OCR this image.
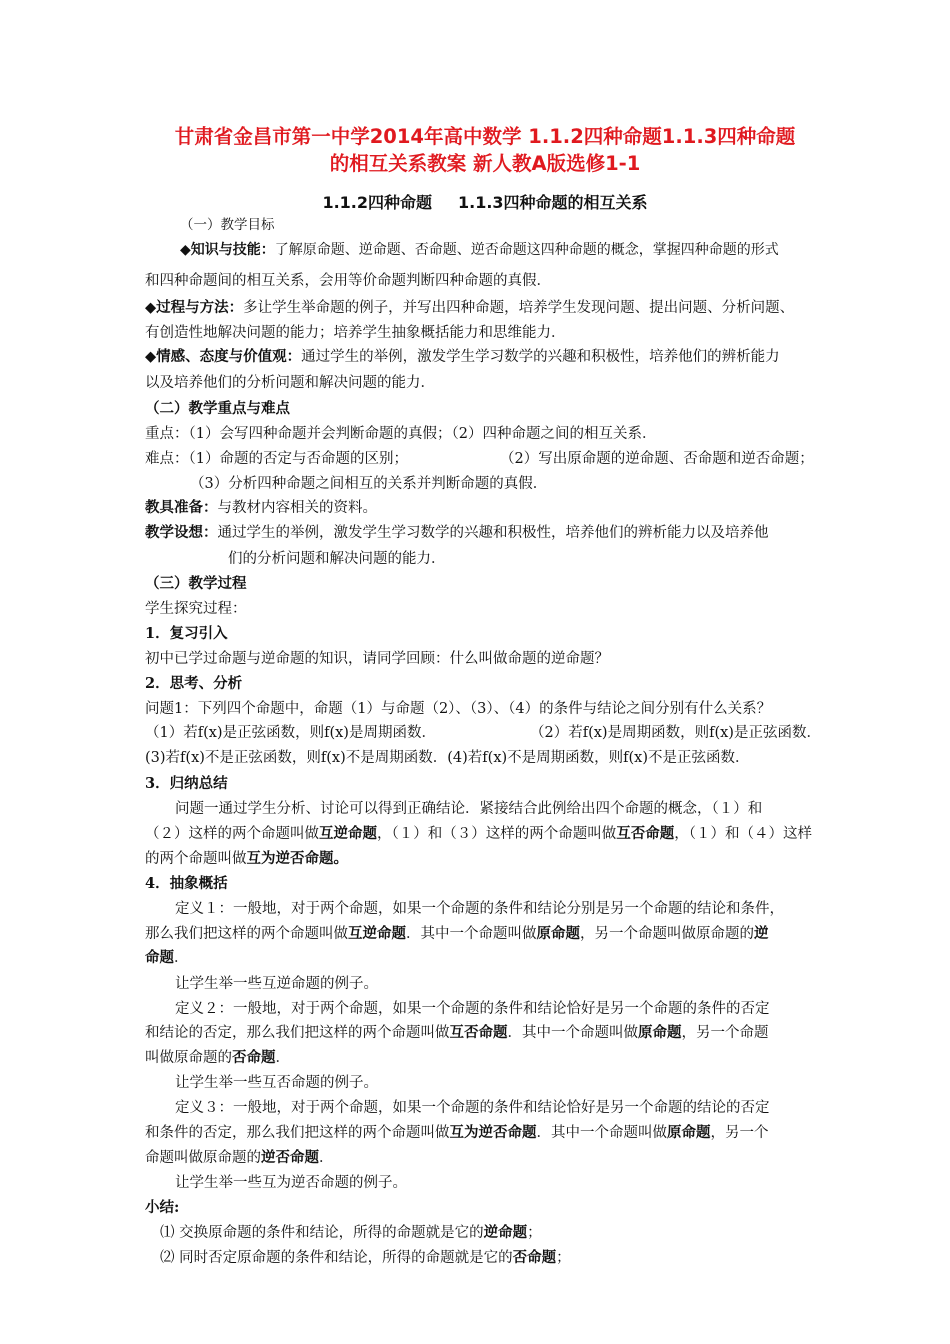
甘肃省金昌市第一中学2014年高中数学 1.1.2四种命题1.1.3四种命题

的相互关系教案 新人教A版选修1-1

1.1.2四种命题 1.1.3四种命题的相互关系

（一）教学目标

◆知识与技能：了解原命题、逆命题、否命题、逆否命题这四种命题的概念，掌握四种命题的形式

和四种命题间的相互关系，会用等价命题判断四种命题的真假．

◆过程与方法：多让学生举命题的例子，并写出四种命题，培养学生发现问题、提出问题、分析问题、

有创造性地解决问题的能力；培养学生抽象概括能力和思维能力．

◆情感、态度与价值观：通过学生的举例，激发学生学习数学的兴趣和积极性，培养他们的辨析能力

以及培养他们的分析问题和解决问题的能力．

（二）教学重点与难点

重点：（1）会写四种命题并会判断命题的真假；（2）四种命题之间的相互关系．

难点：（1）命题的否定与否命题的区别；	（2）写出原命题的逆命题、否命题和逆否命题；

（3）分析四种命题之间相互的关系并判断命题的真假．

教具准备：与教材内容相关的资料。

教学设想：通过学生的举例，激发学生学习数学的兴趣和积极性，培养他们的辨析能力以及培养他

们的分析问题和解决问题的能力．

（三）教学过程

学生探究过程：

1．复习引入

初中已学过命题与逆命题的知识，请同学回顾：什么叫做命题的逆命题？

2．思考、分析

问题1：下列四个命题中，命题（1）与命题（2）、（3）、（4）的条件与结论之间分别有什么关系？

（1）若f(x)是正弦函数，则f(x)是周期函数．	（2）若f(x)是周期函数，则f(x)是正弦函数．

(3)若f(x)不是正弦函数，则f(x)不是周期函数．(4)若f(x)不是周期函数，则f(x)不是正弦函数．

3．归纳总结

问题一通过学生分析、讨论可以得到正确结论．紧接结合此例给出四个命题的概念，（１）和

（２）这样的两个命题叫做互逆命题，（１）和（３）这样的两个命题叫做互否命题，（１）和（４）这样

的两个命题叫做互为逆否命题。

4．抽象概括

定义１：一般地，对于两个命题，如果一个命题的条件和结论分别是另一个命题的结论和条件，

那么我们把这样的两个命题叫做互逆命题．其中一个命题叫做原命题，另一个命题叫做原命题的逆

命题．

让学生举一些互逆命题的例子。

定义２：一般地，对于两个命题，如果一个命题的条件和结论恰好是另一个命题的条件的否定

和结论的否定，那么我们把这样的两个命题叫做互否命题．其中一个命题叫做原命题，另一个命题

叫做原命题的否命题．

让学生举一些互否命题的例子。

定义３：一般地，对于两个命题，如果一个命题的条件和结论恰好是另一个命题的结论的否定

和条件的否定，那么我们把这样的两个命题叫做互为逆否命题．其中一个命题叫做原命题，另一个

命题叫做原命题的逆否命题．

让学生举一些互为逆否命题的例子。

小结:

⑴ 交换原命题的条件和结论，所得的命题就是它的逆命题；

⑵ 同时否定原命题的条件和结论，所得的命题就是它的否命题；
